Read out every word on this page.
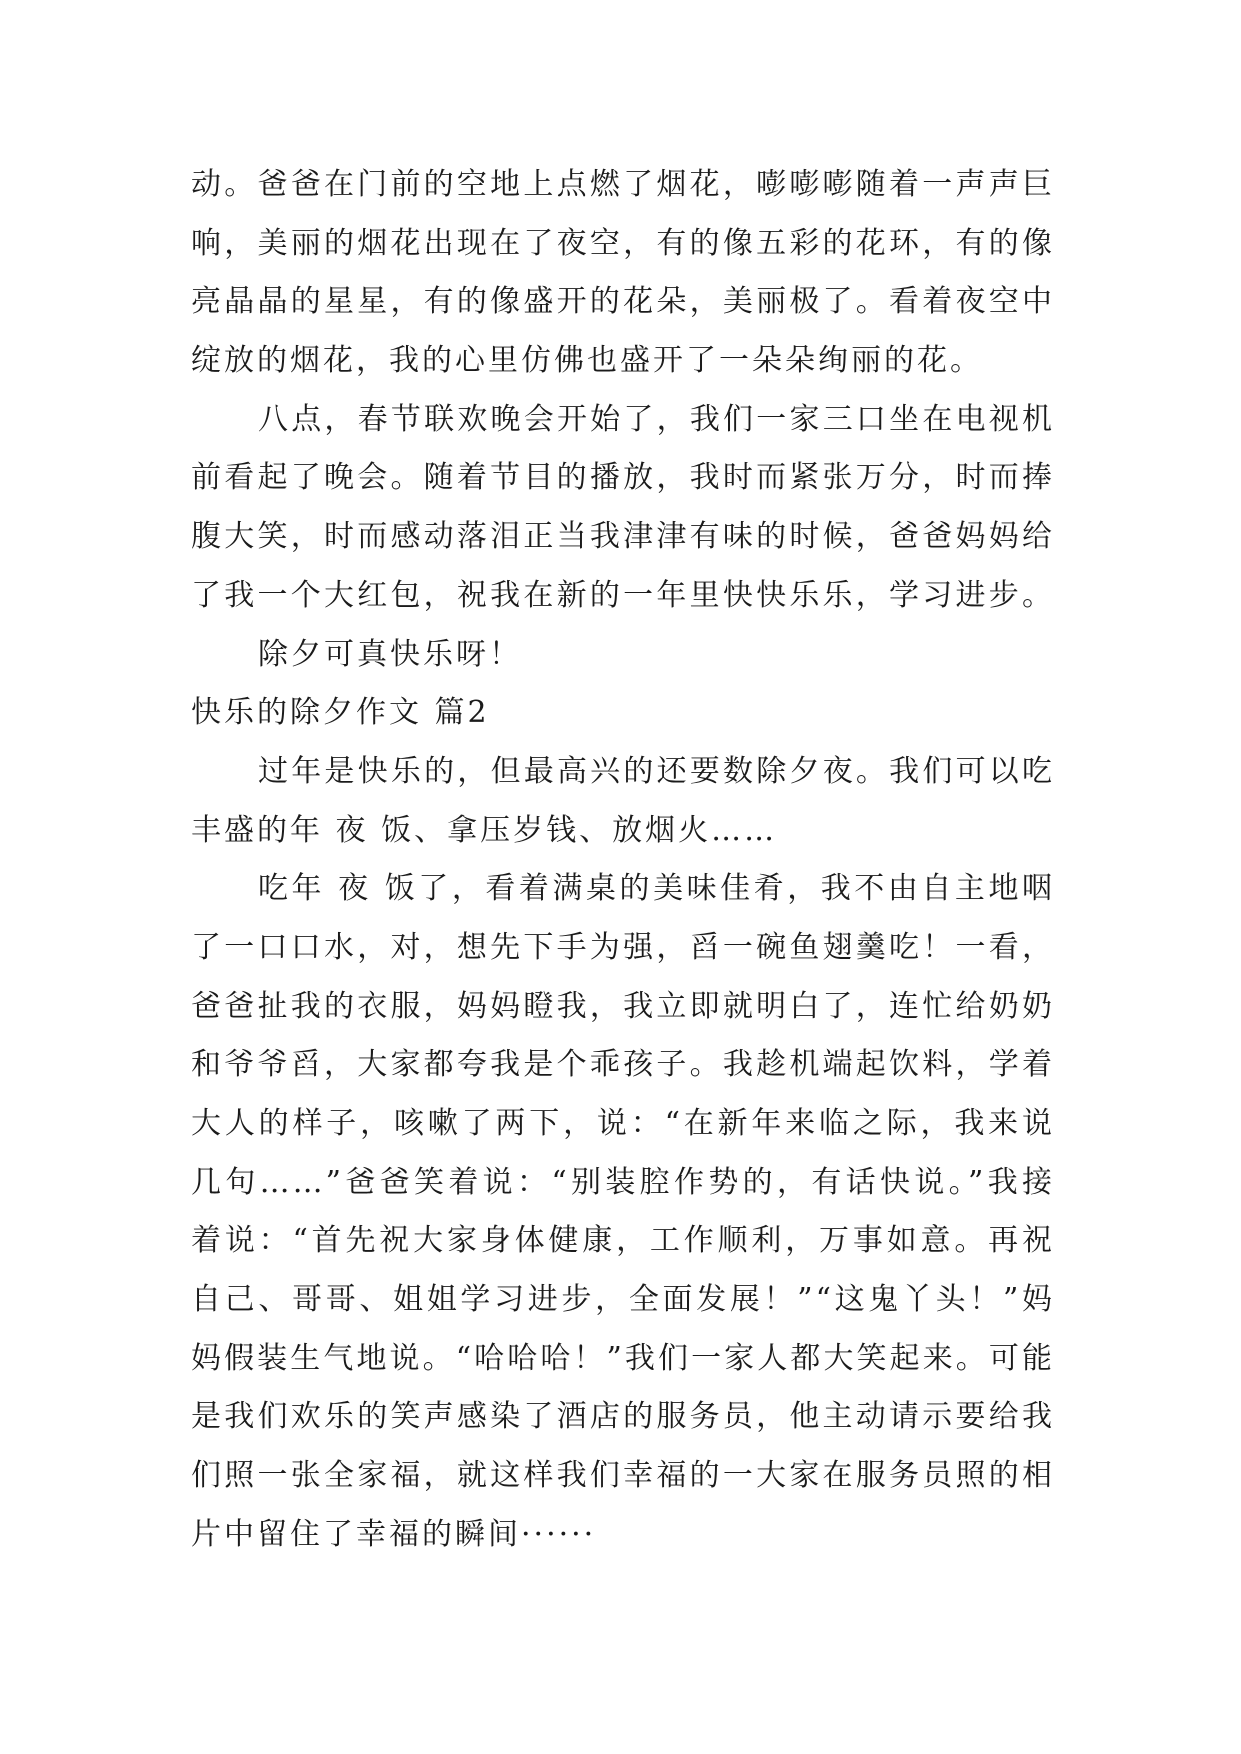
动。爸爸在门前的空地上点燃了烟花，嘭嘭嘭随着一声声巨
响，美丽的烟花出现在了夜空，有的像五彩的花环，有的像
亮晶晶的星星，有的像盛开的花朵，美丽极了。看着夜空中
绽放的烟花，我的心里仿佛也盛开了一朵朵绚丽的花。
八点，春节联欢晚会开始了，我们一家三口坐在电视机
前看起了晚会。随着节目的播放，我时而紧张万分，时而捧
腹大笑，时而感动落泪正当我津津有味的时候，爸爸妈妈给
了我一个大红包，祝我在新的一年里快快乐乐，学习进步。
除夕可真快乐呀！
快乐的除夕作文 篇2
过年是快乐的，但最高兴的还要数除夕夜。我们可以吃
丰盛的年 夜 饭、拿压岁钱、放烟火……
吃年 夜 饭了，看着满桌的美味佳肴，我不由自主地咽
了一口口水，对，想先下手为强，舀一碗鱼翅羹吃！一看，
爸爸扯我的衣服，妈妈瞪我，我立即就明白了，连忙给奶奶
和爷爷舀，大家都夸我是个乖孩子。我趁机端起饮料，学着
大人的样子，咳嗽了两下，说：“在新年来临之际，我来说
几句……”爸爸笑着说：“别装腔作势的，有话快说。”我接
着说：“首先祝大家身体健康，工作顺利，万事如意。再祝
自己、哥哥、姐姐学习进步，全面发展！”“这鬼丫头！”妈
妈假装生气地说。“哈哈哈！”我们一家人都大笑起来。可能
是我们欢乐的笑声感染了酒店的服务员，他主动请示要给我
们照一张全家福，就这样我们幸福的一大家在服务员照的相
片中留住了幸福的瞬间······
